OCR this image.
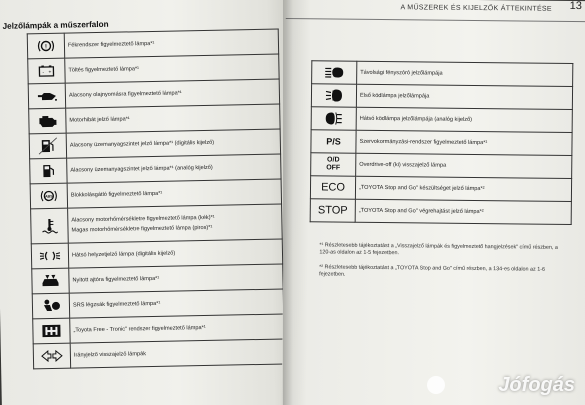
Jelzőlámpák a műszerfalon
!	Fékrendszer figyelmeztető lámpa*¹

- +	Töltés figyelmeztető lámpa*¹

	Alacsony olajnyomásra figyelmeztető lámpa*¹

	Motorhibát jelző lámpa*¹

	Alacsony üzemanyagszintet jelző lámpa*¹ (digitális kijelző)

	Alacsony üzemanyagszintet jelző lámpa*¹ (analóg kijelző)

ABS	Blokkolásgátló figyelmeztető lámpa*¹

Alacsony motorhőmérsékletre figyelmeztető lámpa (kék)*¹
Magas motorhőmérsékletre figyelmeztető lámpa (piros)*¹

	Hátsó helyzetjelző lámpa (digitális kijelző)

	Nyitott ajtóra figyelmeztető lámpa*¹

	SRS légzsák figyelmeztető lámpa*¹

	„Toyota Free - Tronic" rendszer figyelmeztető lámpa*¹

	Irányjelző visszajelző lámpák
A MŰSZEREK ÉS KIJELZŐK ÁTTEKINTÉSE 13
	Távolsági fényszóró jelzőlámpája

	Első ködlámpa jelzőlámpája

	Hátsó ködlámpa jelzőlámpája (analóg kijelző)
P/S	Szervokormányzási-rendszer figyelmeztető lámpa*¹
O/D OFF	Overdrive-off (ki) visszajelző lámpa
ECO	„TOYOTA Stop and Go" készültséget jelző lámpa*²
STOP	„TOYOTA Stop and Go" végrehajtást jelző lámpa*²
*¹ Részletesebb tájékoztatást a „Visszajelző lámpák és figyelmeztető hangjelzések" című részben, a 120-as oldalon az 1-5 fejezetben.
*² Részletesebb tájékoztatást a „TOYOTA Stop and Go" című részben, a 134-es oldalon az 1-6 fejezetben.
Jófogás
